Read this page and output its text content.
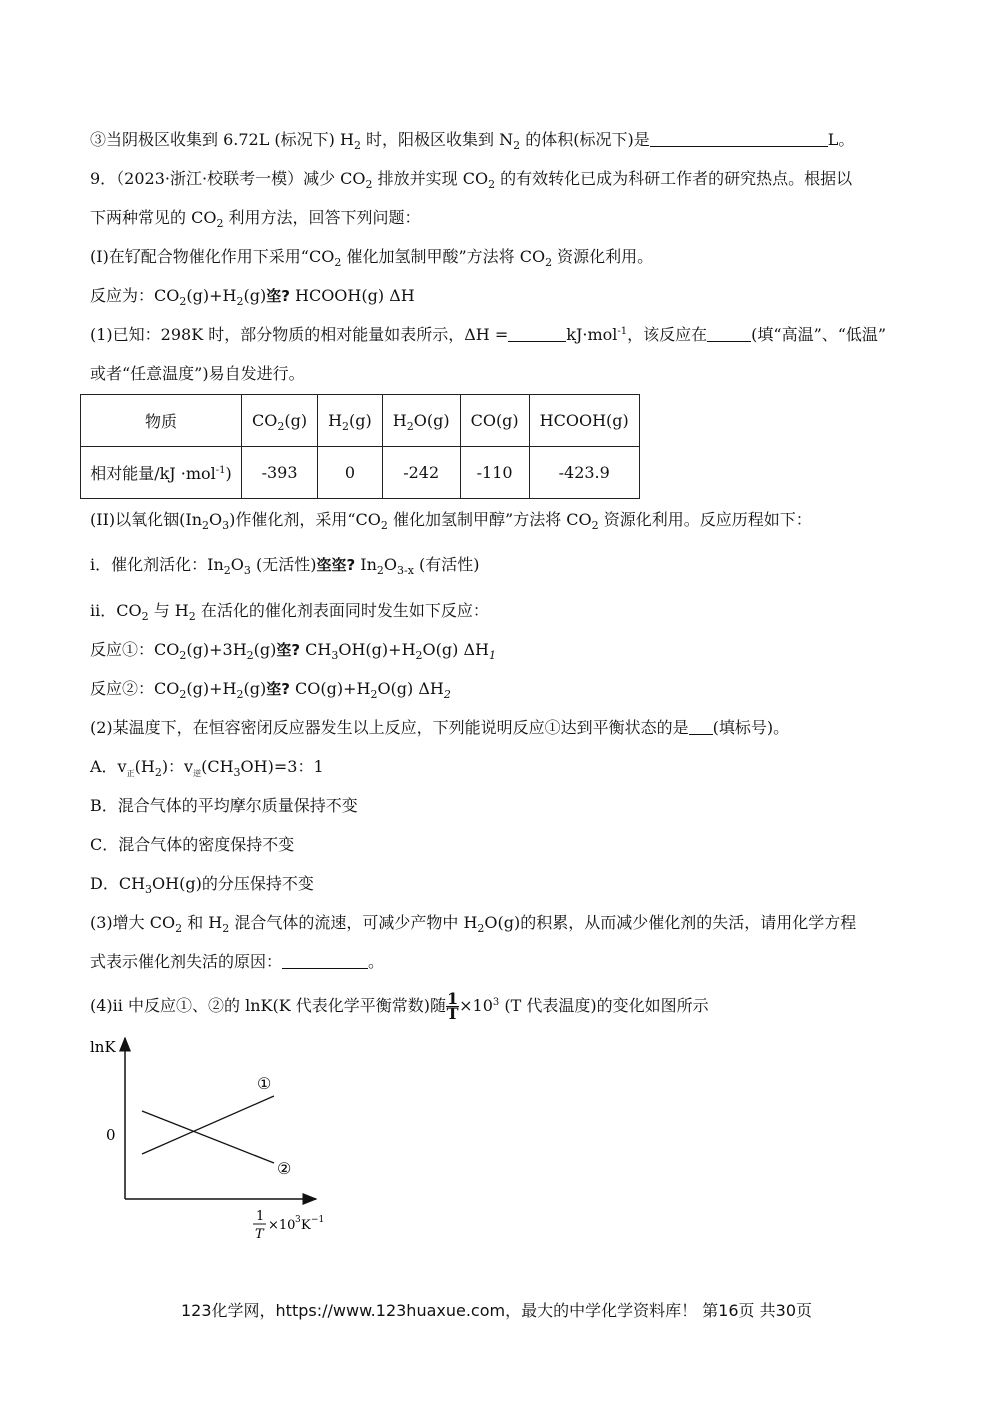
③当阴极区收集到 6.72L (标况下) $H_2$ 时，阳极区收集到 $N_2$ 的体积(标况下)是	L。
9．（2023·浙江·校联考一模）减少 $CO_2$ 排放并实现 $CO_2$ 的有效转化已成为科研工作者的研究热点。根据以
下两种常见的 $CO_2$ 利用方法，回答下列问题：
(I)在钌配合物催化作用下采用“$CO_2$ 催化加氢制甲酸”方法将 $CO_2$ 资源化利用。
反应为：$CO_2(g)+H_2(g)$垐? HCOOH(g) ΔH
(1)已知：298K 时，部分物质的相对能量如表所示，ΔH =	kJ·mol$^{-1}$，该反应在	(填“高温”、“低温”
或者“任意温度”)易自发进行。
物质	$CO_2(g)$	$H_2(g)$	$H_2O(g)$	CO(g)	HCOOH(g)
相对能量/kJ ·mol$^{-1}$)	-393	0	-242	-110	-423.9
(II)以氧化铟$(In_2O_3)$作催化剂，采用“$CO_2$ 催化加氢制甲醇”方法将 $CO_2$ 资源化利用。反应历程如下：
i．催化剂活化：$In_2O_3$ (无活性)垐垐? $In_2O_{3-x}$ (有活性)
ii．$CO_2$ 与 $H_2$ 在活化的催化剂表面同时发生如下反应：
反应①：$CO_2(g)+3H_2(g)$垐? $CH_3OH(g)+H_2O(g)$ $\Delta H_1$
反应②：$CO_2(g)+H_2(g)$垐? $CO(g)+H_2O(g)$ $\Delta H_2$
(2)某温度下，在恒容密闭反应器发生以上反应，下列能说明反应①达到平衡状态的是 (填标号)。
A．$v_正(H_2)$：$v_逆(CH_3OH)=3$：1
B．混合气体的平均摩尔质量保持不变
C．混合气体的密度保持不变
D．$CH_3OH(g)$的分压保持不变
(3)增大 $CO_2$ 和 $H_2$ 混合气体的流速，可减少产物中 $H_2O(g)$的积累，从而减少催化剂的失活，请用化学方程
式表示催化剂失活的原因：	。
(4)ii 中反应①、②的 lnK(K 代表化学平衡常数)随 $\frac{1}{T} \times 10^3$ (T 代表温度)的变化如图所示
lnK
0
①
②
1
T
×10 3 K −1
123化学网，https://www.123huaxue.com，最大的中学化学资料库！ 第16页 共30页
